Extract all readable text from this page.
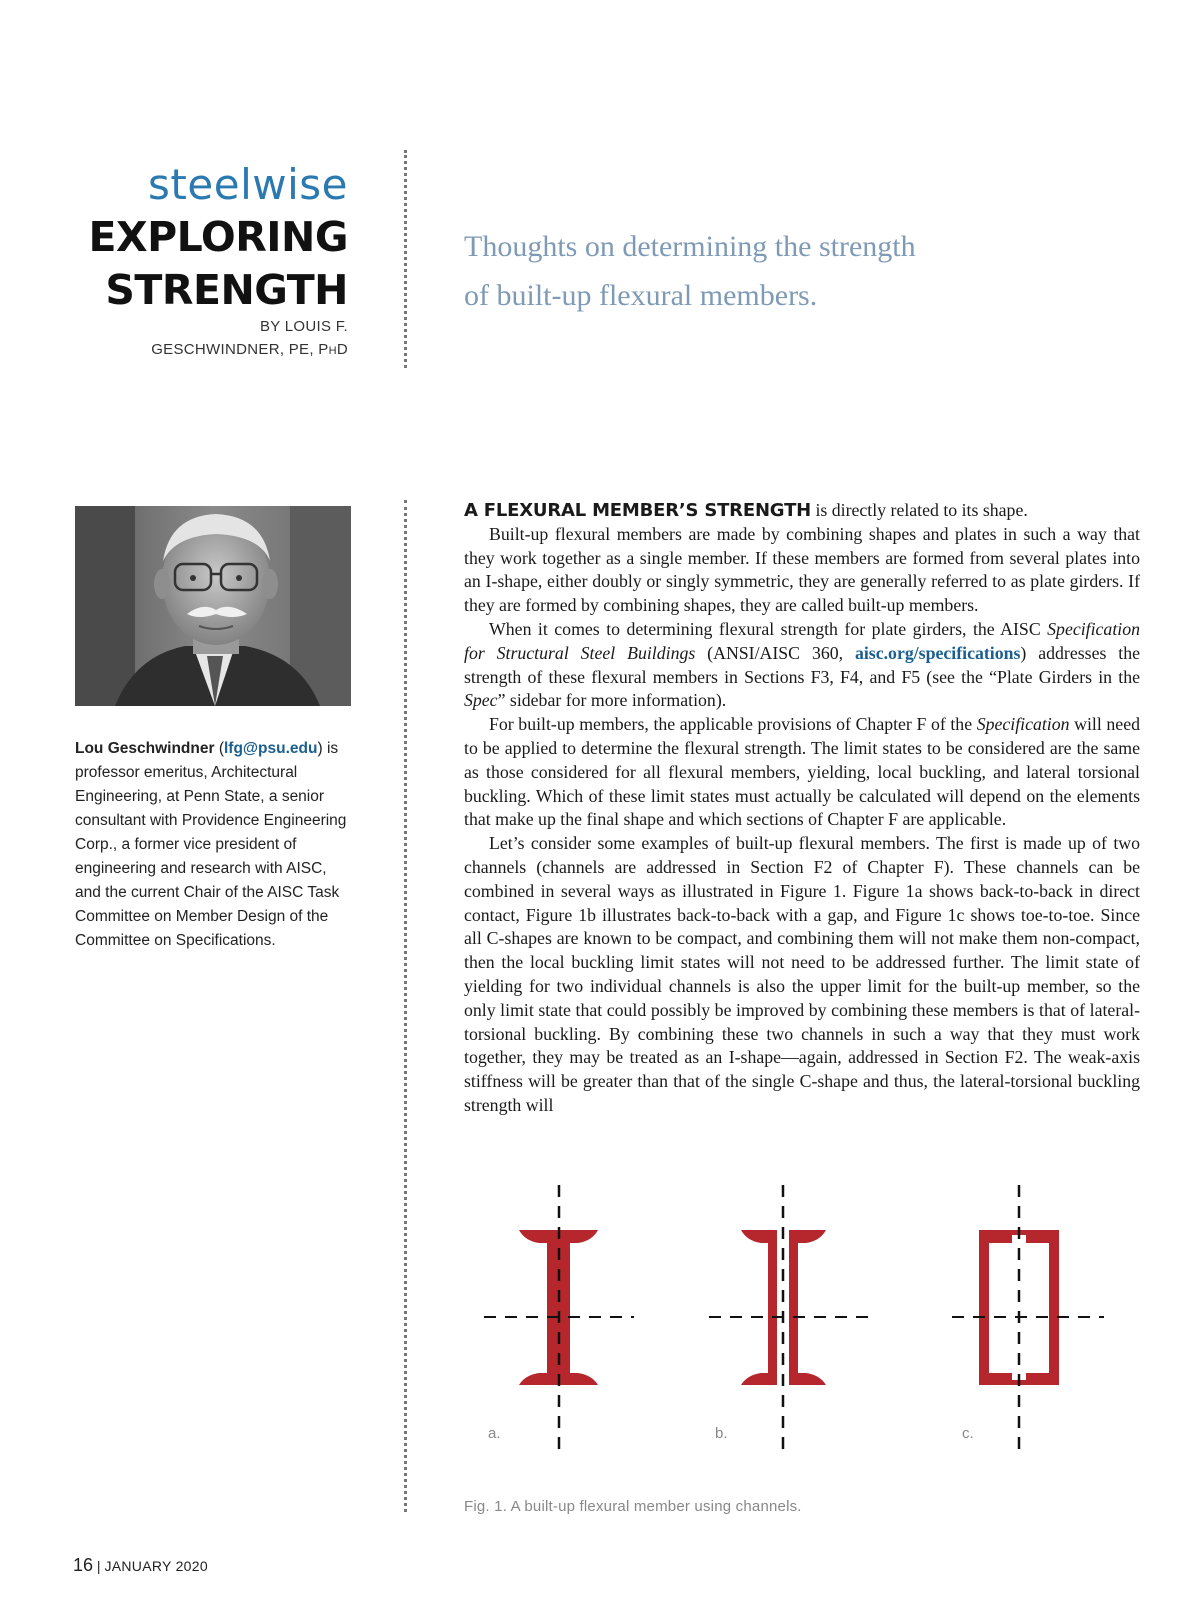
steelwise
EXPLORING
STRENGTH
BY LOUIS F.
GESCHWINDNER, PE, PHD
Thoughts on determining the strength
of built-up flexural members.
Lou Geschwindner (lfg@psu.edu) is professor emeritus, Architectural Engineering, at Penn State, a senior consultant with Providence Engineering Corp., a former vice president of engineering and research with AISC, and the current Chair of the AISC Task Committee on Member Design of the Committee on Specifications.

A FLEXURAL MEMBER’S STRENGTH is directly related to its shape.

Built-up flexural members are made by combining shapes and plates in such a way that they work together as a single member. If these members are formed from several plates into an I-shape, either doubly or singly symmetric, they are generally referred to as plate girders. If they are formed by combining shapes, they are called built-up members.

When it comes to determining flexural strength for plate girders, the AISC Specification for Structural Steel Buildings (ANSI/AISC 360, aisc.org/specifications) addresses the strength of these flexural members in Sections F3, F4, and F5 (see the “Plate Girders in the Spec” sidebar for more information).

For built-up members, the applicable provisions of Chapter F of the Specification will need to be applied to determine the flexural strength. The limit states to be considered are the same as those considered for all flexural members, yielding, local buckling, and lateral torsional buckling. Which of these limit states must actually be calculated will depend on the elements that make up the final shape and which sections of Chapter F are applicable.

Let’s consider some examples of built-up flexural members. The first is made up of two channels (channels are addressed in Section F2 of Chapter F). These channels can be combined in several ways as illustrated in Figure 1. Figure 1a shows back-to-back in direct contact, Figure 1b illustrates back-to-back with a gap, and Figure 1c shows toe-to-toe. Since all C-shapes are known to be compact, and combining them will not make them non-compact, then the local buckling limit states will not need to be addressed further. The limit state of yielding for two individual channels is also the upper limit for the built-up member, so the only limit state that could possibly be improved by combining these members is that of lateral-torsional buckling. By combining these two channels in such a way that they must work together, they may be treated as an I-shape—again, addressed in Section F2. The weak-axis stiffness will be greater than that of the single C-shape and thus, the lateral-torsional buckling strength will

a.	b.	c.
Fig. 1. A built-up flexural member using channels.
16 | JANUARY 2020
